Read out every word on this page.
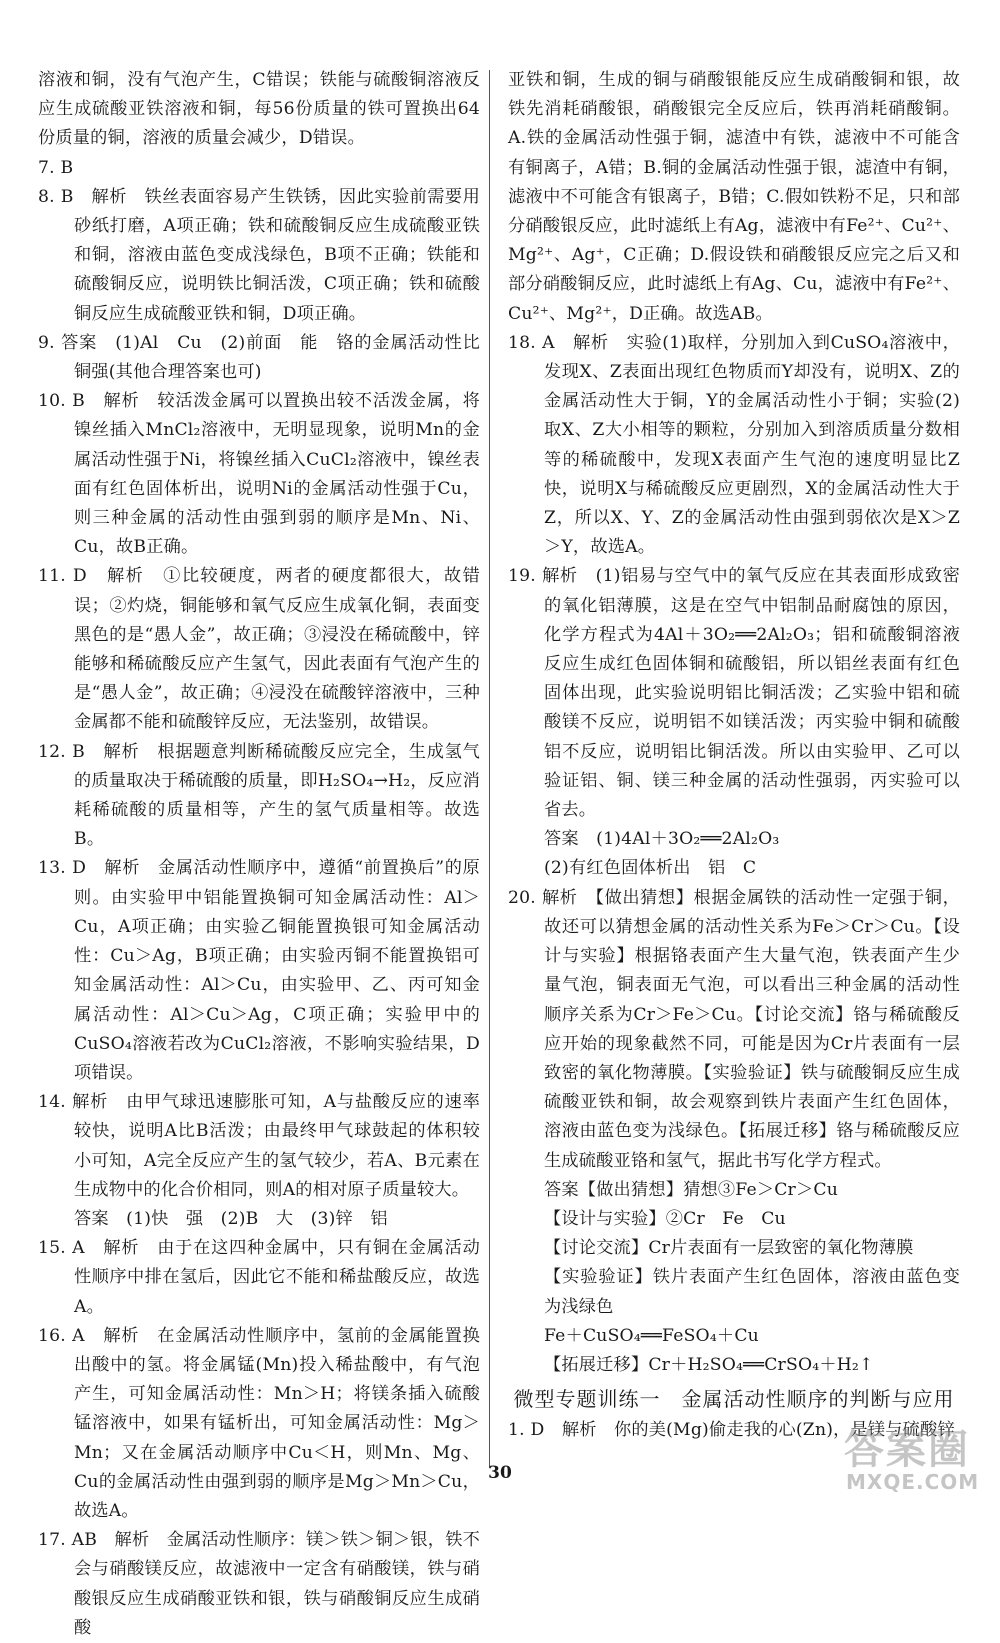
溶液和铜，没有气泡产生，C错误；铁能与硫酸铜溶液反应生成硫酸亚铁溶液和铜，每56份质量的铁可置换出64份质量的铜，溶液的质量会减少，D错误。

7. B

8. B　解析　铁丝表面容易产生铁锈，因此实验前需要用砂纸打磨，A项正确；铁和硫酸铜反应生成硫酸亚铁和铜，溶液由蓝色变成浅绿色，B项不正确；铁能和硫酸铜反应，说明铁比铜活泼，C项正确；铁和硫酸铜反应生成硫酸亚铁和铜，D项正确。

9. 答案　(1)Al　Cu　(2)前面　能　铬的金属活动性比铜强(其他合理答案也可)

10. B　解析　较活泼金属可以置换出较不活泼金属，将镍丝插入MnCl₂溶液中，无明显现象，说明Mn的金属活动性强于Ni，将镍丝插入CuCl₂溶液中，镍丝表面有红色固体析出，说明Ni的金属活动性强于Cu，则三种金属的活动性由强到弱的顺序是Mn、Ni、Cu，故B正确。

11. D　解析　①比较硬度，两者的硬度都很大，故错误；②灼烧，铜能够和氧气反应生成氧化铜，表面变黑色的是“愚人金”，故正确；③浸没在稀硫酸中，锌能够和稀硫酸反应产生氢气，因此表面有气泡产生的是“愚人金”，故正确；④浸没在硫酸锌溶液中，三种金属都不能和硫酸锌反应，无法鉴别，故错误。

12. B　解析　根据题意判断稀硫酸反应完全，生成氢气的质量取决于稀硫酸的质量，即H₂SO₄→H₂，反应消耗稀硫酸的质量相等，产生的氢气质量相等。故选B。

13. D　解析　金属活动性顺序中，遵循“前置换后”的原则。由实验甲中铝能置换铜可知金属活动性：Al＞Cu，A项正确；由实验乙铜能置换银可知金属活动性：Cu＞Ag，B项正确；由实验丙铜不能置换铝可知金属活动性：Al＞Cu，由实验甲、乙、丙可知金属活动性：Al＞Cu＞Ag，C项正确；实验甲中的CuSO₄溶液若改为CuCl₂溶液，不影响实验结果，D项错误。

14. 解析　由甲气球迅速膨胀可知，A与盐酸反应的速率较快，说明A比B活泼；由最终甲气球鼓起的体积较小可知，A完全反应产生的氢气较少，若A、B元素在生成物中的化合价相同，则A的相对原子质量较大。

答案　(1)快　强　(2)B　大　(3)锌　铝

15. A　解析　由于在这四种金属中，只有铜在金属活动性顺序中排在氢后，因此它不能和稀盐酸反应，故选A。

16. A　解析　在金属活动性顺序中，氢前的金属能置换出酸中的氢。将金属锰(Mn)投入稀盐酸中，有气泡产生，可知金属活动性：Mn＞H；将镁条插入硫酸锰溶液中，如果有锰析出，可知金属活动性：Mg＞Mn；又在金属活动顺序中Cu＜H，则Mn、Mg、Cu的金属活动性由强到弱的顺序是Mg＞Mn＞Cu，故选A。

17. AB　解析　金属活动性顺序：镁＞铁＞铜＞银，铁不会与硝酸镁反应，故滤液中一定含有硝酸镁，铁与硝酸银反应生成硝酸亚铁和银，铁与硝酸铜反应生成硝酸

亚铁和铜，生成的铜与硝酸银能反应生成硝酸铜和银，故铁先消耗硝酸银，硝酸银完全反应后，铁再消耗硝酸铜。A.铁的金属活动性强于铜，滤渣中有铁，滤液中不可能含有铜离子，A错；B.铜的金属活动性强于银，滤渣中有铜，滤液中不可能含有银离子，B错；C.假如铁粉不足，只和部分硝酸银反应，此时滤纸上有Ag，滤液中有Fe²⁺、Cu²⁺、Mg²⁺、Ag⁺，C正确；D.假设铁和硝酸银反应完之后又和部分硝酸铜反应，此时滤纸上有Ag、Cu，滤液中有Fe²⁺、Cu²⁺、Mg²⁺，D正确。故选AB。

18. A　解析　实验(1)取样，分别加入到CuSO₄溶液中，发现X、Z表面出现红色物质而Y却没有，说明X、Z的金属活动性大于铜，Y的金属活动性小于铜；实验(2)取X、Z大小相等的颗粒，分别加入到溶质质量分数相等的稀硫酸中，发现X表面产生气泡的速度明显比Z快，说明X与稀硫酸反应更剧烈，X的金属活动性大于Z，所以X、Y、Z的金属活动性由强到弱依次是X＞Z＞Y，故选A。

19. 解析　(1)铝易与空气中的氧气反应在其表面形成致密的氧化铝薄膜，这是在空气中铝制品耐腐蚀的原因，化学方程式为4Al＋3O₂══2Al₂O₃；铝和硫酸铜溶液反应生成红色固体铜和硫酸铝，所以铝丝表面有红色固体出现，此实验说明铝比铜活泼；乙实验中铝和硫酸镁不反应，说明铝不如镁活泼；丙实验中铜和硫酸铝不反应，说明铝比铜活泼。所以由实验甲、乙可以验证铝、铜、镁三种金属的活动性强弱，丙实验可以省去。

答案　(1)4Al＋3O₂══2Al₂O₃

(2)有红色固体析出　铝　C

20. 解析　【做出猜想】根据金属铁的活动性一定强于铜，故还可以猜想金属的活动性关系为Fe＞Cr＞Cu。【设计与实验】根据铬表面产生大量气泡，铁表面产生少量气泡，铜表面无气泡，可以看出三种金属的活动性顺序关系为Cr＞Fe＞Cu。【讨论交流】铬与稀硫酸反应开始的现象截然不同，可能是因为Cr片表面有一层致密的氧化物薄膜。【实验验证】铁与硫酸铜反应生成硫酸亚铁和铜，故会观察到铁片表面产生红色固体，溶液由蓝色变为浅绿色。【拓展迁移】铬与稀硫酸反应生成硫酸亚铬和氢气，据此书写化学方程式。

答案【做出猜想】猜想③Fe＞Cr＞Cu

【设计与实验】②Cr　Fe　Cu

【讨论交流】Cr片表面有一层致密的氧化物薄膜

【实验验证】铁片表面产生红色固体，溶液由蓝色变为浅绿色

Fe＋CuSO₄══FeSO₄＋Cu

【拓展迁移】Cr＋H₂SO₄══CrSO₄＋H₂↑

微型专题训练一　金属活动性顺序的判断与应用

1. D　解析　你的美(Mg)偷走我的心(Zn)，是镁与硫酸锌

30	答案圈
MXQE.COM
